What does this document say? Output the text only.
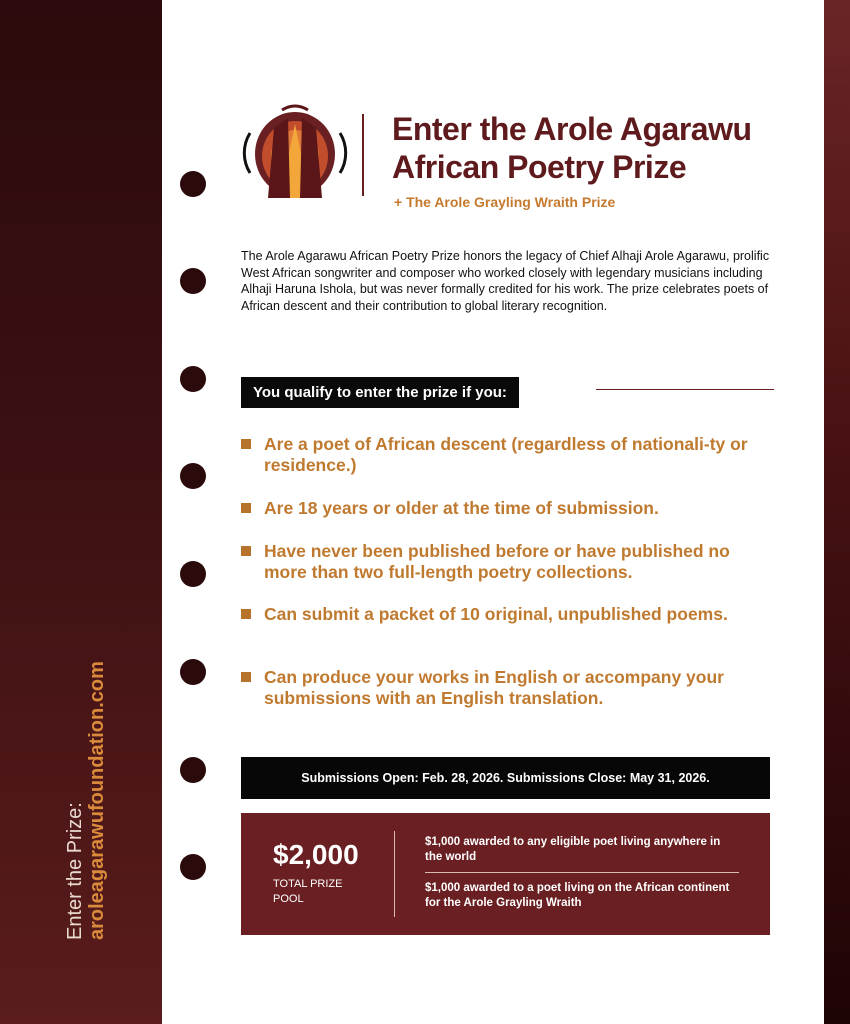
Enter the Prize: aroleagarawufoundation.com
Enter the Arole Agarawu
African Poetry Prize
+ The Arole Grayling Wraith Prize
The Arole Agarawu African Poetry Prize honors the legacy of Chief Alhaji Arole Agarawu, prolific West African songwriter and composer who worked closely with legendary musicians including Alhaji Haruna Ishola, but was never formally credited for his work. The prize celebrates poets of African descent and their contribution to global literary recognition.
You qualify to enter the prize if you:
Are a poet of African descent (regardless of nationali-ty or residence.)
Are 18 years or older at the time of submission.
Have never been published before or have published no more than two full-length poetry collections.
Can submit a packet of 10 original, unpublished poems.
Can produce your works in English or accompany your submissions with an English translation.
Submissions Open: Feb. 28, 2026. Submissions Close: May 31, 2026.
$2,000
TOTAL PRIZE POOL
$1,000 awarded to any eligible poet living anywhere in the world
$1,000 awarded to a poet living on the African continent for the Arole Grayling Wraith
